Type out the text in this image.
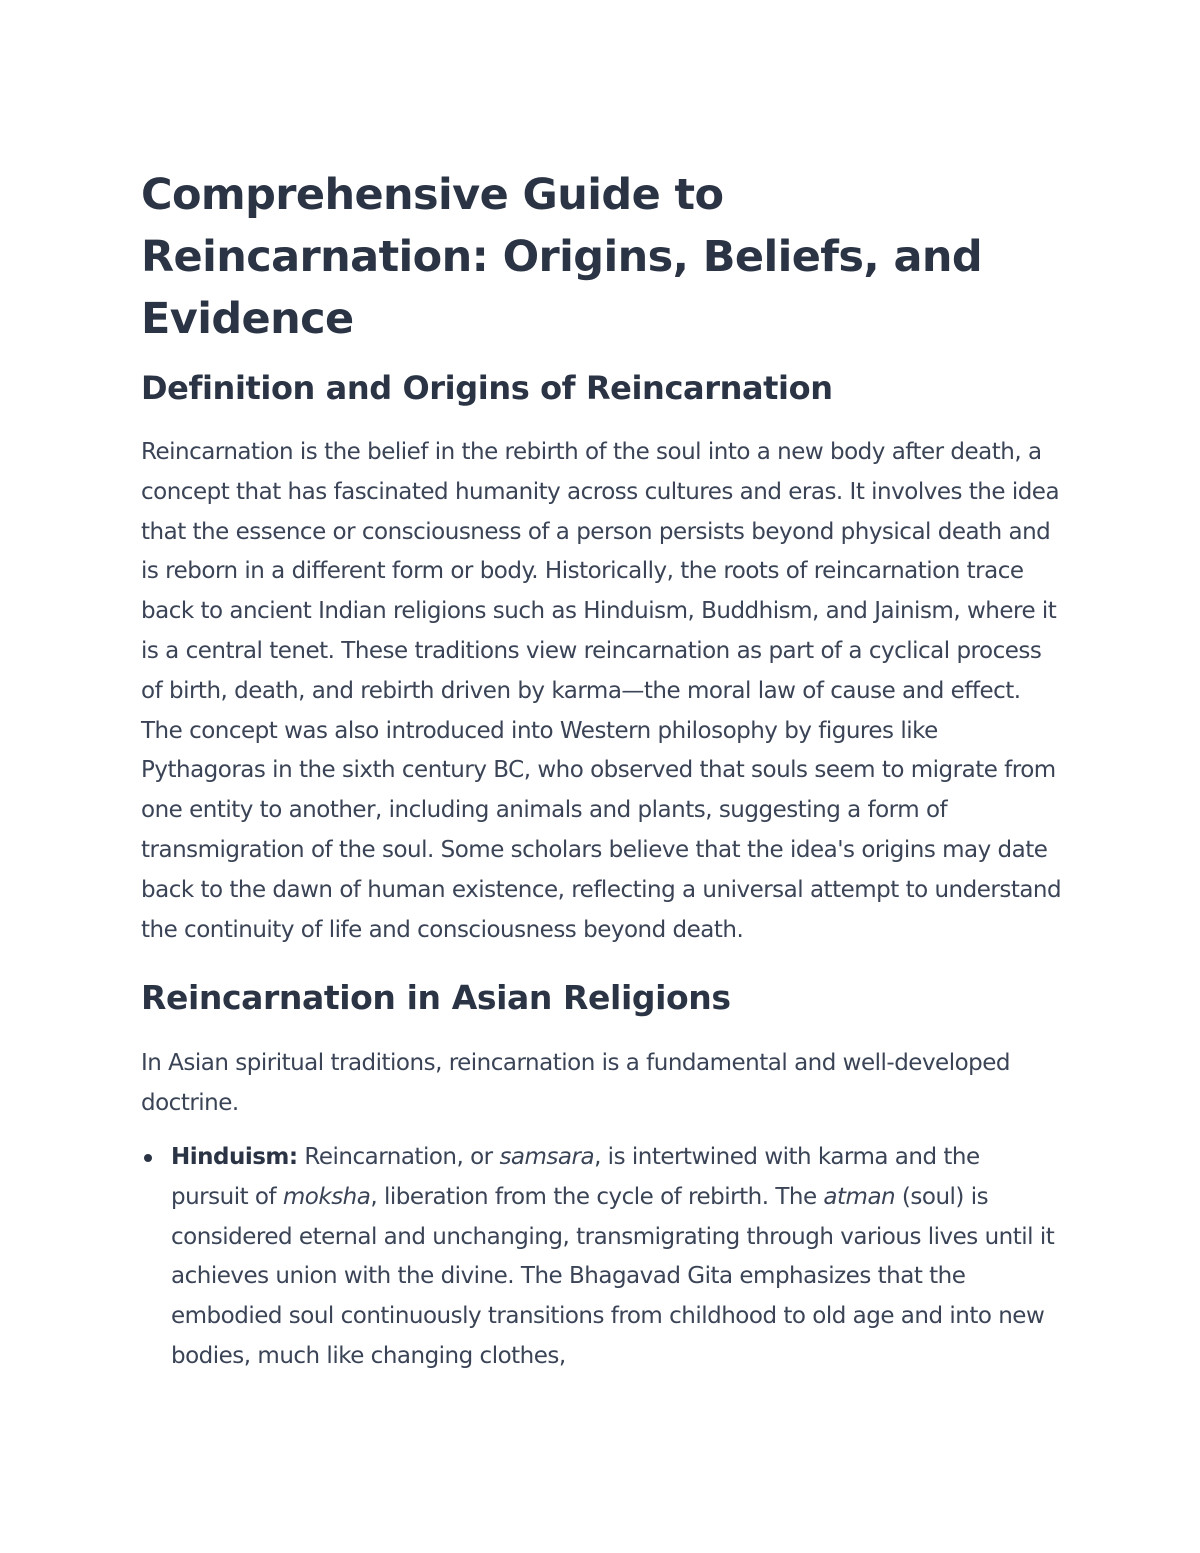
Comprehensive Guide to Reincarnation: Origins, Beliefs, and Evidence
Definition and Origins of Reincarnation

Reincarnation is the belief in the rebirth of the soul into a new body after death, a concept that has fascinated humanity across cultures and eras. It involves the idea that the essence or consciousness of a person persists beyond physical death and is reborn in a different form or body. Historically, the roots of reincarnation trace back to ancient Indian religions such as Hinduism, Buddhism, and Jainism, where it is a central tenet. These traditions view reincarnation as part of a cyclical process of birth, death, and rebirth driven by karma—the moral law of cause and effect. The concept was also introduced into Western philosophy by figures like Pythagoras in the sixth century BC, who observed that souls seem to migrate from one entity to another, including animals and plants, suggesting a form of transmigration of the soul. Some scholars believe that the idea's origins may date back to the dawn of human existence, reflecting a universal attempt to understand the continuity of life and consciousness beyond death.

Reincarnation in Asian Religions

In Asian spiritual traditions, reincarnation is a fundamental and well-developed doctrine.

Hinduism: Reincarnation, or samsara, is intertwined with karma and the pursuit of moksha, liberation from the cycle of rebirth. The atman (soul) is considered eternal and unchanging, transmigrating through various lives until it achieves union with the divine. The Bhagavad Gita emphasizes that the embodied soul continuously transitions from childhood to old age and into new bodies, much like changing clothes,
